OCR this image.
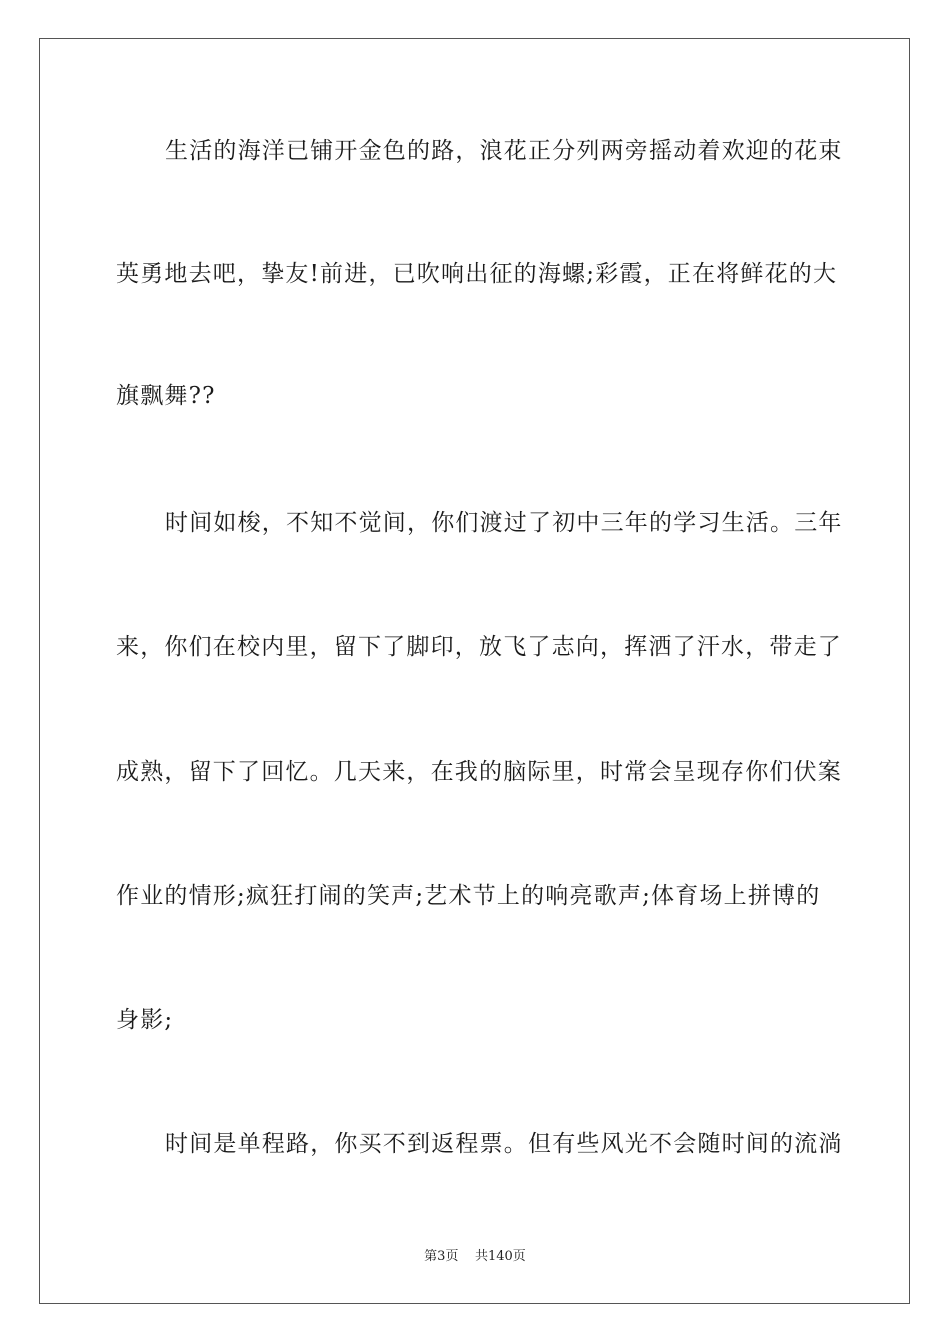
生活的海洋已铺开金色的路，浪花正分列两旁摇动着欢迎的花束
英勇地去吧，挚友!前进，已吹响出征的海螺;彩霞，正在将鲜花的大
旗飘舞??
时间如梭，不知不觉间，你们渡过了初中三年的学习生活。三年
来，你们在校内里，留下了脚印，放飞了志向，挥洒了汗水，带走了
成熟，留下了回忆。几天来，在我的脑际里，时常会呈现存你们伏案
作业的情形;疯狂打闹的笑声;艺术节上的响亮歌声;体育场上拼博的
身影;
时间是单程路，你买不到返程票。但有些风光不会随时间的流淌
第3页 共140页
